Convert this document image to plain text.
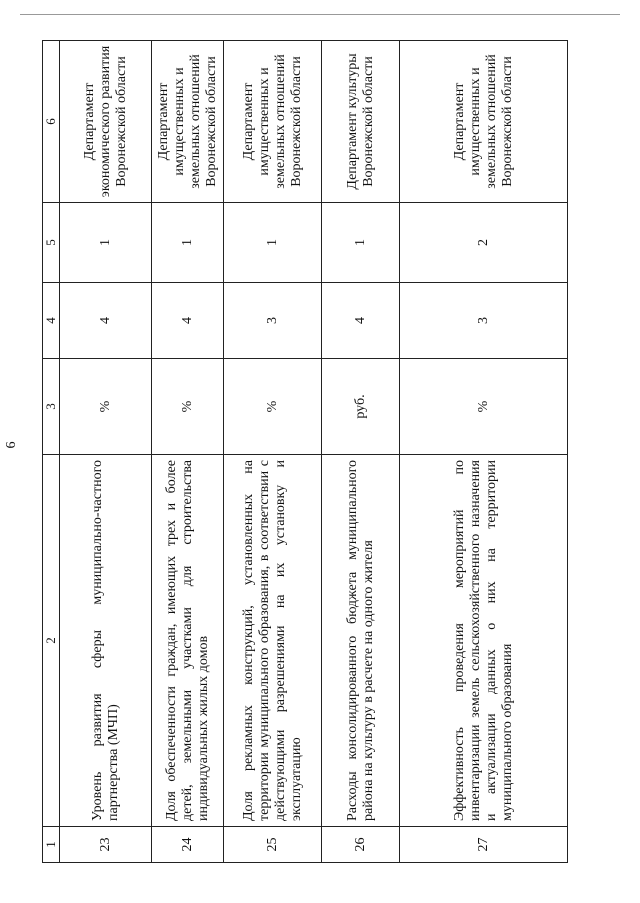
6
1	2	3	4	5	6
23	Уровень развития сферы муниципально-частного партнерства (МЧП)	%	4	1	Департамент экономического развития Воронежской области
24	Доля обеспеченности граждан, имеющих трех и более детей, земельными участками для строительства индивидуальных жилых домов	%	4	1	Департамент имущественных и земельных отношений Воронежской области
25	Доля рекламных конструкций, установленных на территории муниципального образования, в соответствии с действующими разрешениями на их установку и эксплуатацию	%	3	1	Департамент имущественных и земельных отношений Воронежской области
26	Расходы консолидированного бюджета муниципального района на культуру в расчете на одного жителя	руб.	4	1	Департамент культуры Воронежской области
27	Эффективность проведения мероприятий по инвентаризации земель сельскохозяйственного назначения и актуализации данных о них на территории муниципального образования	%	3	2	Департамент имущественных и земельных отношений Воронежской области
